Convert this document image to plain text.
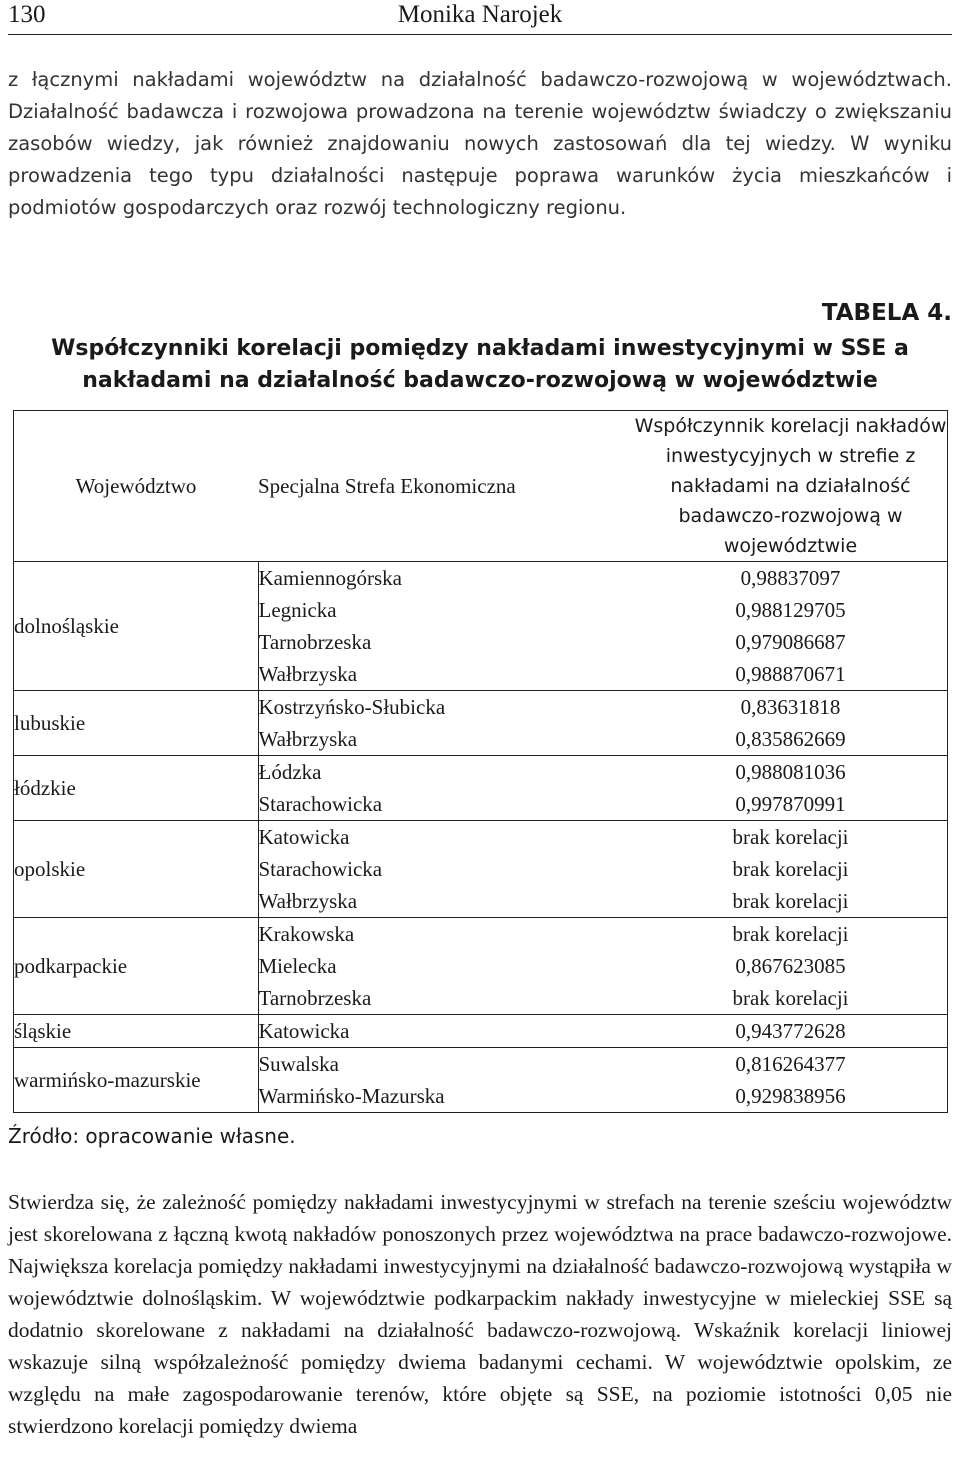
130	Monika Narojek

z łącznymi nakładami województw na działalność badawczo-rozwojową w województwach. Działalność badawcza i rozwojowa prowadzona na terenie województw świadczy o zwiększaniu zasobów wiedzy, jak również znajdowaniu nowych zastosowań dla tej wiedzy. W wyniku prowadzenia tego typu działalności następuje poprawa warunków życia mieszkańców i podmiotów gospodarczych oraz rozwój technologiczny regionu.

TABELA 4.
Współczynniki korelacji pomiędzy nakładami inwestycyjnymi w SSE a nakładami na działalność badawczo-rozwojową w województwie
Województwo	Specjalna Strefa Ekonomiczna	Współczynnik korelacji nakładów inwestycyjnych w strefie z nakładami na działalność badawczo-rozwojową w województwie
dolnośląskie	Kamiennogórska	0,98837097
	Legnicka	0,988129705
	Tarnobrzeska	0,979086687
	Wałbrzyska	0,988870671
lubuskie	Kostrzyńsko-Słubicka	0,83631818
	Wałbrzyska	0,835862669
łódzkie	Łódzka	0,988081036
	Starachowicka	0,997870991
opolskie	Katowicka	brak korelacji
	Starachowicka	brak korelacji
	Wałbrzyska	brak korelacji
podkarpackie	Krakowska	brak korelacji
	Mielecka	0,867623085
	Tarnobrzeska	brak korelacji
śląskie	Katowicka	0,943772628
warmińsko-mazurskie	Suwalska	0,816264377
	Warmińsko-Mazurska	0,929838956
Źródło: opracowanie własne.

Stwierdza się, że zależność pomiędzy nakładami inwestycyjnymi w strefach na terenie sześciu województw jest skorelowana z łączną kwotą nakładów ponoszonych przez województwa na prace badawczo-rozwojowe. Największa korelacja pomiędzy nakładami inwestycyjnymi na działalność badawczo-rozwojową wystąpiła w województwie dolnośląskim. W województwie podkarpackim nakłady inwestycyjne w mieleckiej SSE są dodatnio skorelowane z nakładami na działalność badawczo-rozwojową. Wskaźnik korelacji liniowej wskazuje silną współzależność pomiędzy dwiema badanymi cechami. W województwie opolskim, ze względu na małe zagospodarowanie terenów, które objęte są SSE, na poziomie istotności 0,05 nie stwierdzono korelacji pomiędzy dwiema
